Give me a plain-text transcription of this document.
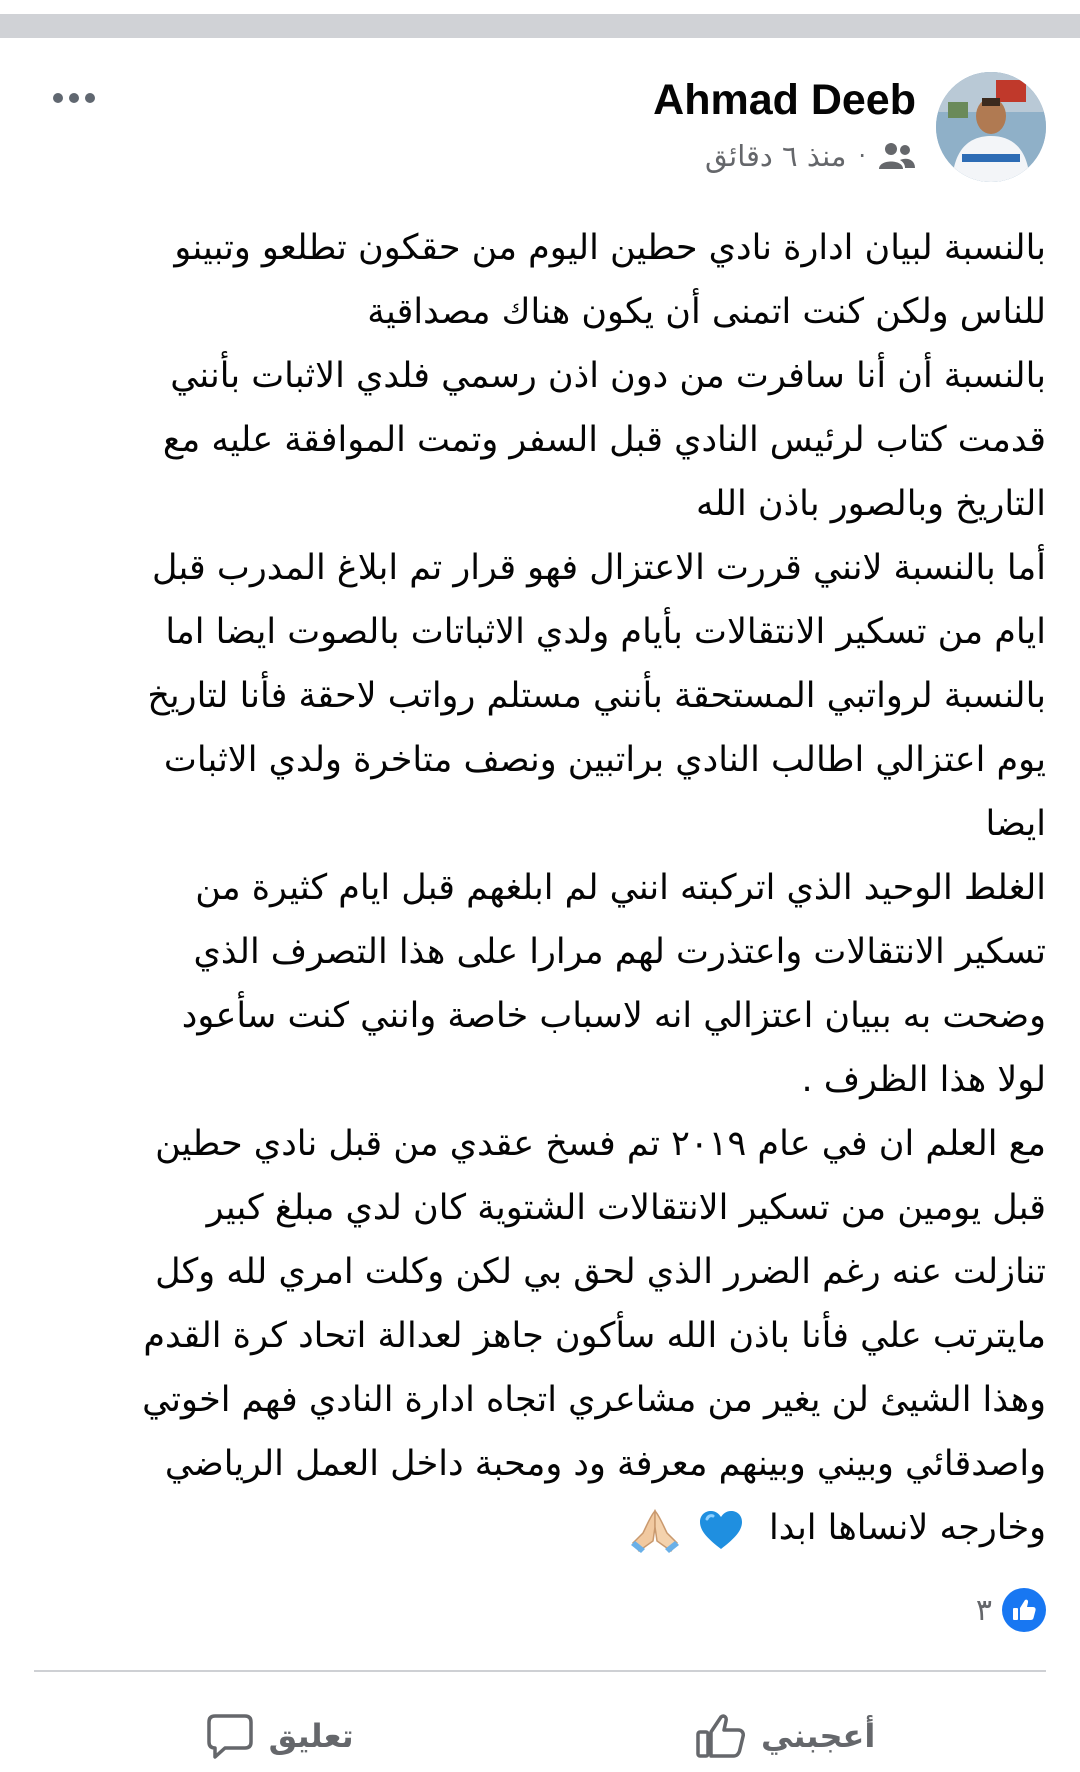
Ahmad Deeb
منذ ٦ دقائق ·
بالنسبة لبيان ادارة نادي حطين اليوم من حقكون تطلعو وتبينو
للناس ولكن كنت اتمنى أن يكون هناك مصداقية
بالنسبة أن أنا سافرت من دون اذن رسمي فلدي الاثبات بأنني
قدمت كتاب لرئيس النادي قبل السفر وتمت الموافقة عليه مع
التاريخ وبالصور باذن الله
أما بالنسبة لانني قررت الاعتزال فهو قرار تم ابلاغ المدرب قبل
ايام من تسكير الانتقالات بأيام ولدي الاثباتات بالصوت ايضا اما
بالنسبة لرواتبي المستحقة بأنني مستلم رواتب لاحقة فأنا لتاريخ
يوم اعتزالي اطالب النادي براتبين ونصف متاخرة ولدي الاثبات
ايضا
الغلط الوحيد الذي اتركبته انني لم ابلغهم قبل ايام كثيرة من
تسكير الانتقالات واعتذرت لهم مرارا على هذا التصرف الذي
وضحت به ببيان اعتزالي انه لاسباب خاصة وانني كنت سأعود
لولا هذا الظرف .
مع العلم ان في عام ٢٠١٩ تم فسخ عقدي من قبل نادي حطين
قبل يومين من تسكير الانتقالات الشتوية كان لدي مبلغ كبير
تنازلت عنه رغم الضرر الذي لحق بي لكن وكلت امري لله وكل
مايترتب علي فأنا باذن الله سأكون جاهز لعدالة اتحاد كرة القدم
وهذا الشيئ لن يغير من مشاعري اتجاه ادارة النادي فهم اخوتي
واصدقائي وبيني وبينهم معرفة ود ومحبة داخل العمل الرياضي
وخارجه لانساها ابدا
٣
أعجبني
تعليق
